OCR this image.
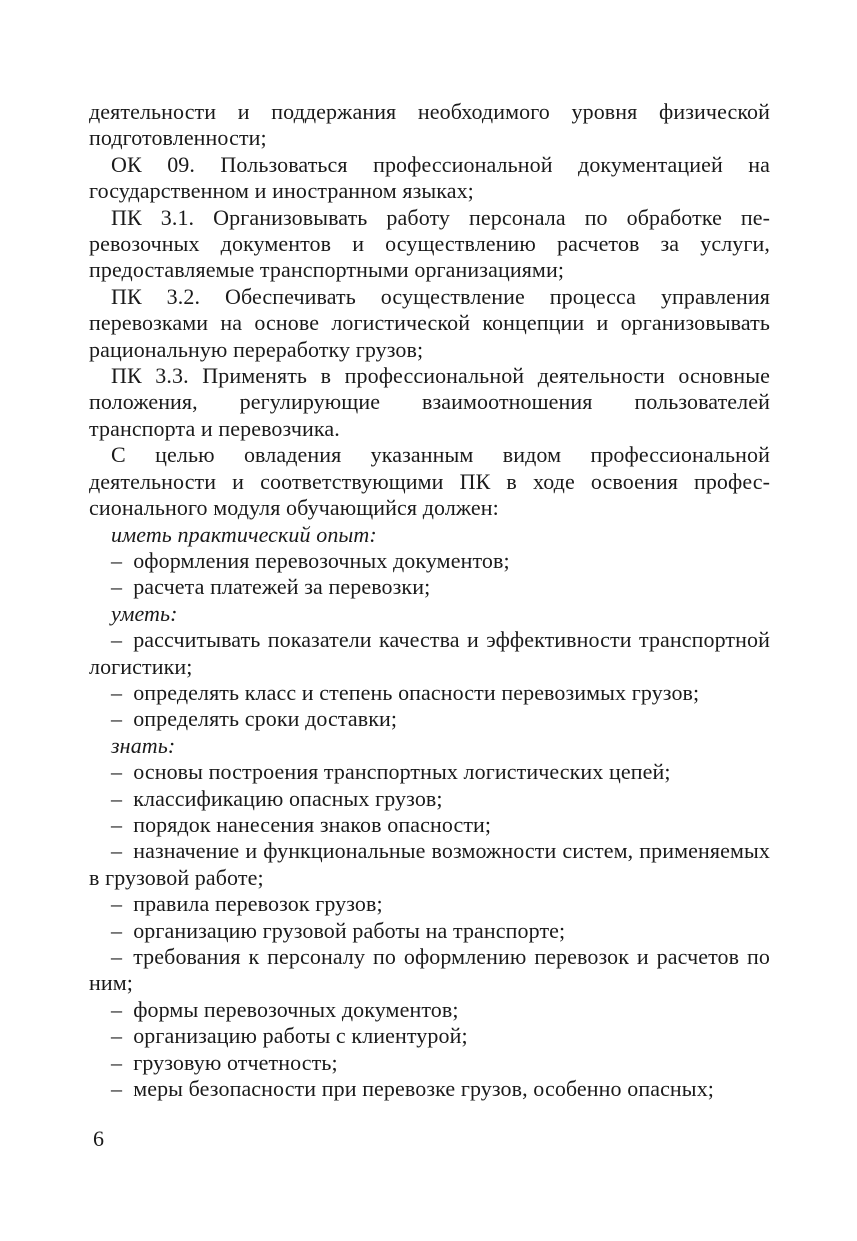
деятельности и поддержания необходимого уровня физической подготовленности;

ОК 09. Пользоваться профессиональной документацией на государственном и иностранном языках;

ПК 3.1. Организовывать работу персонала по обработке перевозочных документов и осуществлению расчетов за услуги, предоставляемые транспортными организациями;

ПК 3.2. Обеспечивать осуществление процесса управления перевозками на основе логистической концепции и организовывать рациональную переработку грузов;

ПК 3.3. Применять в профессиональной деятельности основные положения, регулирующие взаимоотношения пользователей транспорта и перевозчика.

С целью овладения указанным видом профессиональной деятельности и соответствующими ПК в ходе освоения профессионального модуля обучающийся должен:

иметь практический опыт:

– оформления перевозочных документов;

– расчета платежей за перевозки;

уметь:

– рассчитывать показатели качества и эффективности транспортной логистики;

– определять класс и степень опасности перевозимых грузов;

– определять сроки доставки;

знать:

– основы построения транспортных логистических цепей;

– классификацию опасных грузов;

– порядок нанесения знаков опасности;

– назначение и функциональные возможности систем, применяемых в грузовой работе;

– правила перевозок грузов;

– организацию грузовой работы на транспорте;

– требования к персоналу по оформлению перевозок и расчетов по ним;

– формы перевозочных документов;

– организацию работы с клиентурой;

– грузовую отчетность;

– меры безопасности при перевозке грузов, особенно опасных;

6
